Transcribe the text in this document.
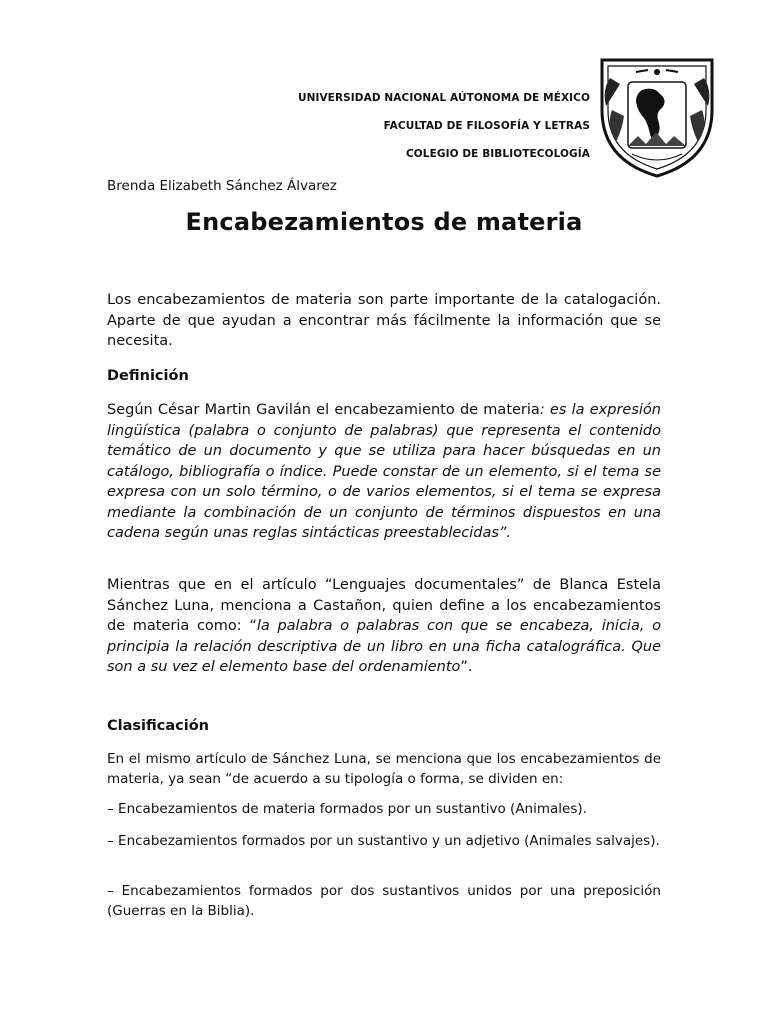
UNIVERSIDAD NACIONAL AÚTONOMA DE MÉXICO
FACULTAD DE FILOSOFÍA Y LETRAS
COLEGIO DE BIBLIOTECOLOGÍA
Brenda Elizabeth Sánchez Álvarez
Encabezamientos de materia

Los encabezamientos de materia son parte importante de la catalogación. Aparte de que ayudan a encontrar más fácilmente la información que se necesita.

Definición

Según César Martin Gavilán el encabezamiento de materia: es la expresión lingüística (palabra o conjunto de palabras) que representa el contenido temático de un documento y que se utiliza para hacer búsquedas en un catálogo, bibliografía o índice. Puede constar de un elemento, si el tema se expresa con un solo término, o de varios elementos, si el tema se expresa mediante la combinación de un conjunto de términos dispuestos en una cadena según unas reglas sintácticas preestablecidas”.

Mientras que en el artículo “Lenguajes documentales” de Blanca Estela Sánchez Luna, menciona a Castañon, quien define a los encabezamientos de materia como: “la palabra o palabras con que se encabeza, inicia, o principia la relación descriptiva de un libro en una ficha catalográfica. Que son a su vez el elemento base del ordenamiento”.

Clasificación

En el mismo artículo de Sánchez Luna, se menciona que los encabezamientos de materia, ya sean “de acuerdo a su tipología o forma, se dividen en:

– Encabezamientos de materia formados por un sustantivo (Animales).

– Encabezamientos formados por un sustantivo y un adjetivo (Animales salvajes).

– Encabezamientos formados por dos sustantivos unidos por una preposición (Guerras en la Biblia).
